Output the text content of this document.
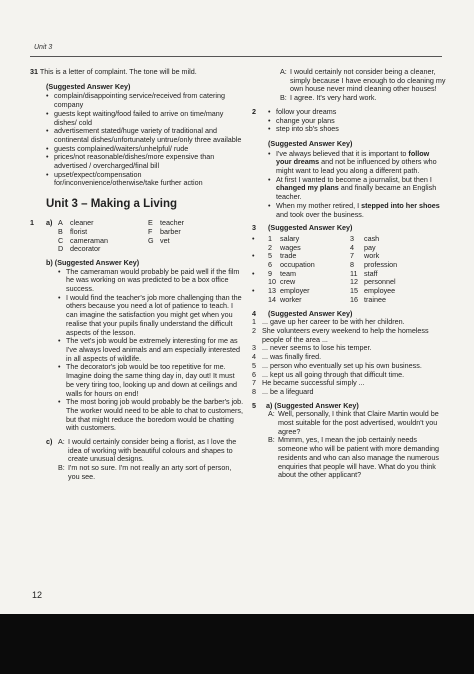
Unit 3
31 This is a letter of complaint. The tone will be mild.
(Suggested Answer Key)
• complain/disappointing service/received from catering company
• guests kept waiting/food failed to arrive on time/many dishes/ cold
• advertisement stated/huge variety of traditional and continental dishes/unfortunately untrue/only three available
• guests complained/waiters/unhelpful/ rude
• prices/not reasonable/dishes/more expensive than advertised / overcharged/final bill
• upset/expect/compensation for/inconvenience/otherwise/take further action
Unit 3 – Making a Living
1	a) A	cleaner	E	teacher
B	florist	F	barber
C cameraman	G vet
D decorator
b) (Suggested Answer Key)
• The cameraman would probably be paid well if the film he was working on was predicted to be a box office success.
• I would find the teacher's job more challenging than the others because you need a lot of patience to teach. I can imagine the satisfaction you might get when you realise that your pupils finally understand the difficult aspects of the lesson.
• The vet's job would be extremely interesting for me as I've always loved animals and am especially interested in all aspects of wildlife.
• The decorator's job would be too repetitive for me. Imagine doing the same thing day in, day out! It must be very tiring too, looking up and down at ceilings and walls for hours on end!
• The most boring job would probably be the barber's job. The worker would need to be able to chat to customers, but that might reduce the boredom would be chatting with customers.
c) A: I would certainly consider being a florist, as I love the idea of working with beautiful colours and shapes to create unusual designs.
B: I'm not so sure. I'm not really an arty sort of person, you see.
A: I would certainly not consider being a cleaner, simply because I have enough to do cleaning my own house never mind cleaning other houses!
B: I agree. It's very hard work.
2
•	follow your dreams
• change your plans
• step into sb's shoes
(Suggested Answer Key)
• I've always believed that it is important to follow your dreams and not be influenced by others who might want to lead you along a different path.
• At first I wanted to become a journalist, but then I changed my plans and finally became an English teacher.
• When my mother retired, I stepped into her shoes and took over the business.
3 (Suggested Answer Key)
•	1	salary	3	cash
2	wages	4	pay
•	5	trade	7	work
6	occupation	8	profession
•	9	team	11 staff
10 crew	12 personnel
•	13 employer	15 employee
14 worker	16 trainee
4 (Suggested Answer Key)
1 ... gave up her career to be with her children.
2 She volunteers every weekend to help the homeless people of the area ...
3 ... never seems to lose his temper.
4 ... was finally fired.
5 ... person who eventually set up his own business.
6 ... kept us all going through that difficult time.
7 He became successful simply ...
8 ... be a lifeguard
5 a) (Suggested Answer Key)
A: Well, personally, I think that Claire Martin would be most suitable for the post advertised, wouldn't you agree?
B: Mmmm, yes, I mean the job certainly needs someone who will be patient with more demanding residents and who can also manage the numerous enquiries that people will have. What do you think about the other applicant?
12
